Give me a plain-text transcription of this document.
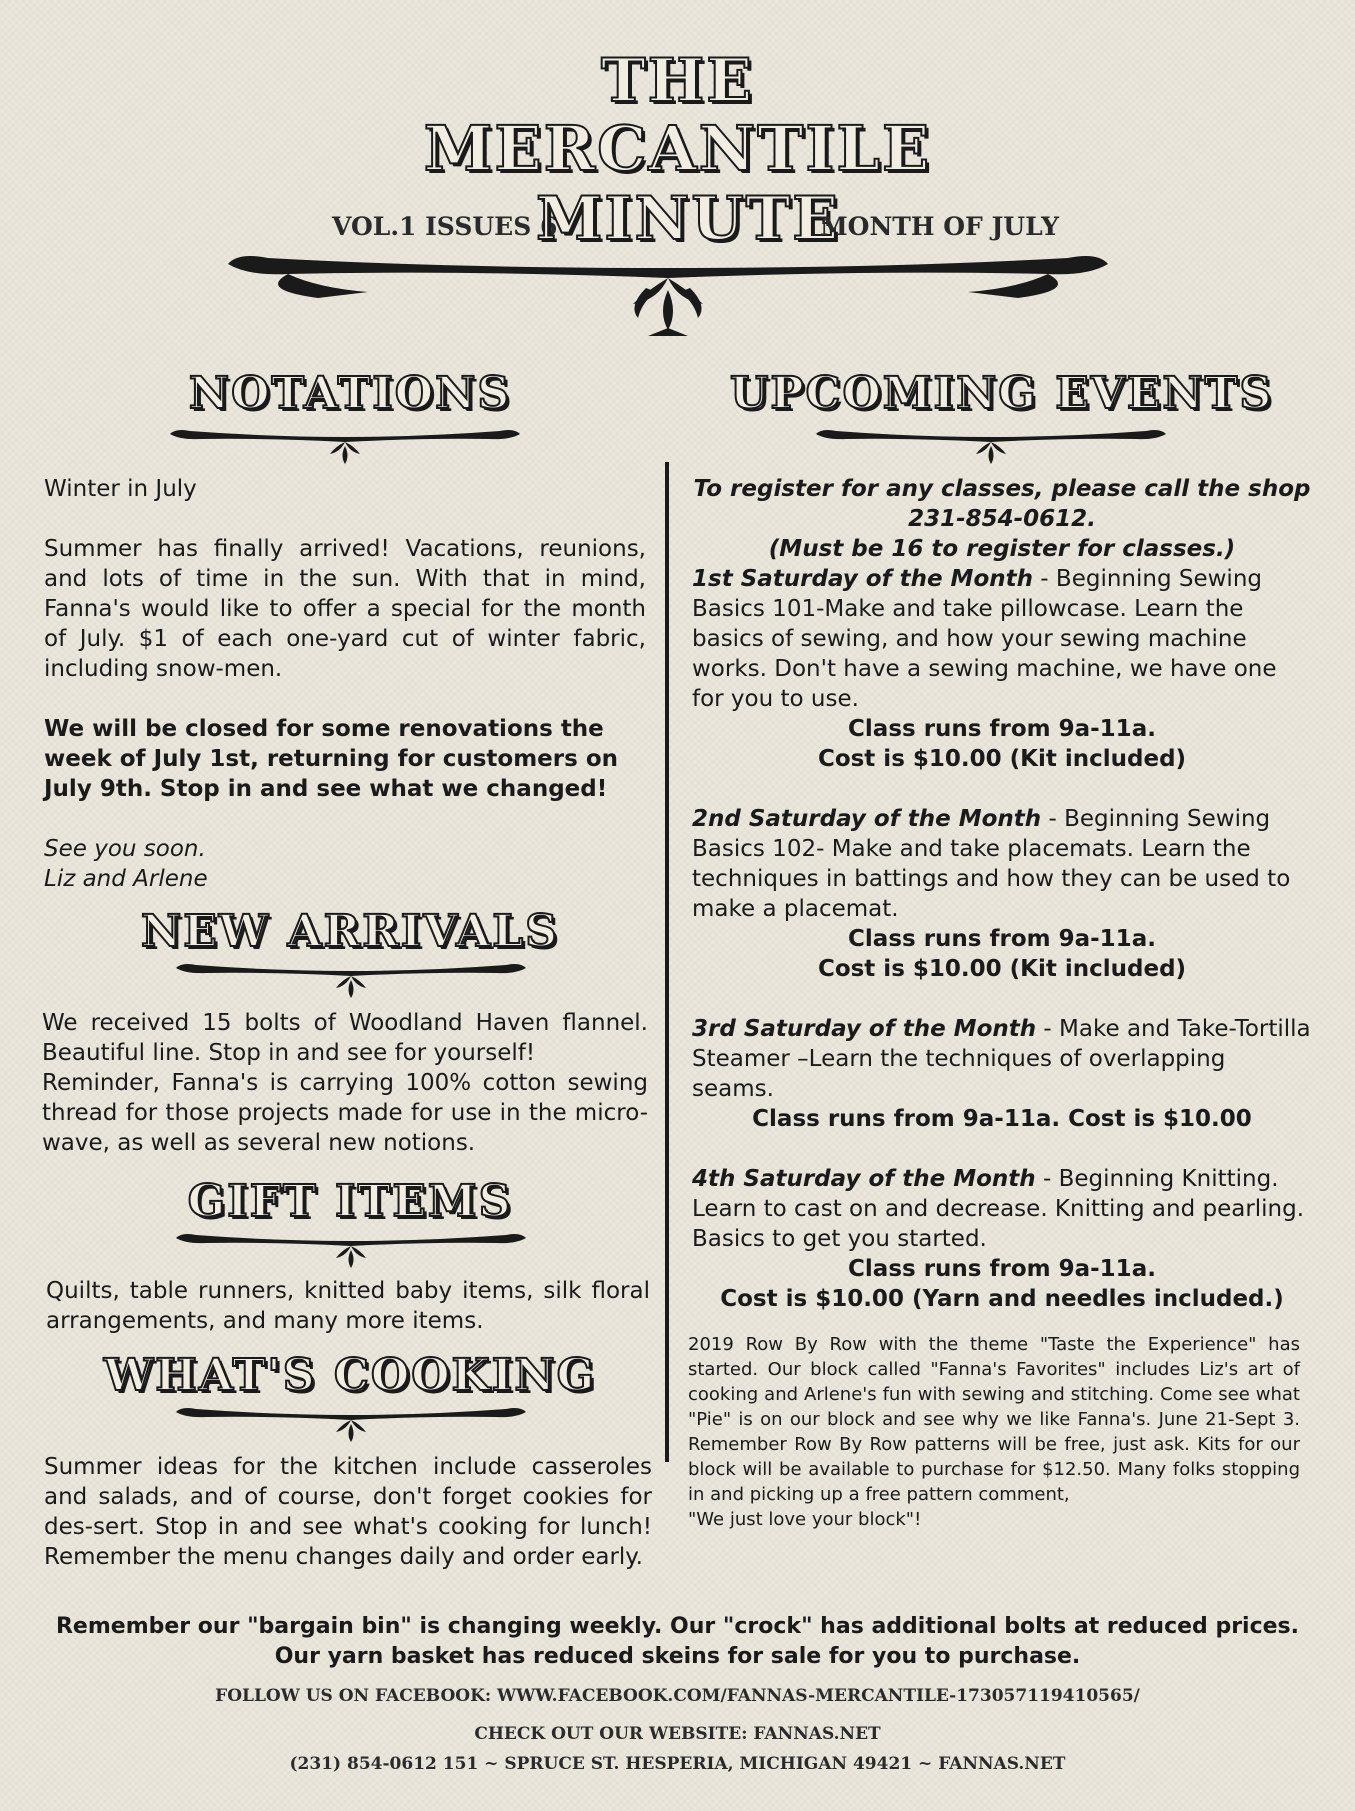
THE
MERCANTILE
VOL.1 ISSUES 6
MINUTE
MONTH OF JULY
NOTATIONS

Winter in July

Summer has finally arrived! Vacations, reunions, and lots of time in the sun. With that in mind, Fanna's would like to offer a special for the month of July. $1 of each one-yard cut of winter fabric, including snow-men.

We will be closed for some renovations the week of July 1st, returning for customers on July 9th. Stop in and see what we changed!

See you soon.

Liz and Arlene

NEW ARRIVALS

We received 15 bolts of Woodland Haven flannel. Beautiful line. Stop in and see for yourself!

Reminder, Fanna's is carrying 100% cotton sewing thread for those projects made for use in the micro-wave, as well as several new notions.

GIFT ITEMS

Quilts, table runners, knitted baby items, silk floral arrangements, and many more items.

WHAT'S COOKING

Summer ideas for the kitchen include casseroles and salads, and of course, don't forget cookies for des-sert. Stop in and see what's cooking for lunch! Remember the menu changes daily and order early.

UPCOMING EVENTS

To register for any classes, please call the shop

231-854-0612.

(Must be 16 to register for classes.)

1st Saturday of the Month - Beginning Sewing Basics 101-Make and take pillowcase. Learn the basics of sewing, and how your sewing machine works. Don't have a sewing machine, we have one for you to use.

Class runs from 9a-11a.

Cost is $10.00 (Kit included)

2nd Saturday of the Month - Beginning Sewing Basics 102- Make and take placemats. Learn the techniques in battings and how they can be used to make a placemat.

Class runs from 9a-11a.

Cost is $10.00 (Kit included)

3rd Saturday of the Month - Make and Take-Tortilla Steamer –Learn the techniques of overlapping seams.

Class runs from 9a-11a. Cost is $10.00

4th Saturday of the Month - Beginning Knitting. Learn to cast on and decrease. Knitting and pearling. Basics to get you started.

Class runs from 9a-11a.

Cost is $10.00 (Yarn and needles included.)

2019 Row By Row with the theme "Taste the Experience" has started. Our block called "Fanna's Favorites" includes Liz's art of cooking and Arlene's fun with sewing and stitching. Come see what "Pie" is on our block and see why we like Fanna's. June 21-Sept 3. Remember Row By Row patterns will be free, just ask. Kits for our block will be available to purchase for $12.50. Many folks stopping in and picking up a free pattern comment,

"We just love your block"!

Remember our "bargain bin" is changing weekly. Our "crock" has additional bolts at reduced prices.
Our yarn basket has reduced skeins for sale for you to purchase.
FOLLOW US ON FACEBOOK: WWW.FACEBOOK.COM/FANNAS-MERCANTILE-173057119410565/
CHECK OUT OUR WEBSITE: FANNAS.NET
(231) 854-0612 151 ~ SPRUCE ST. HESPERIA, MICHIGAN 49421 ~ FANNAS.NET
